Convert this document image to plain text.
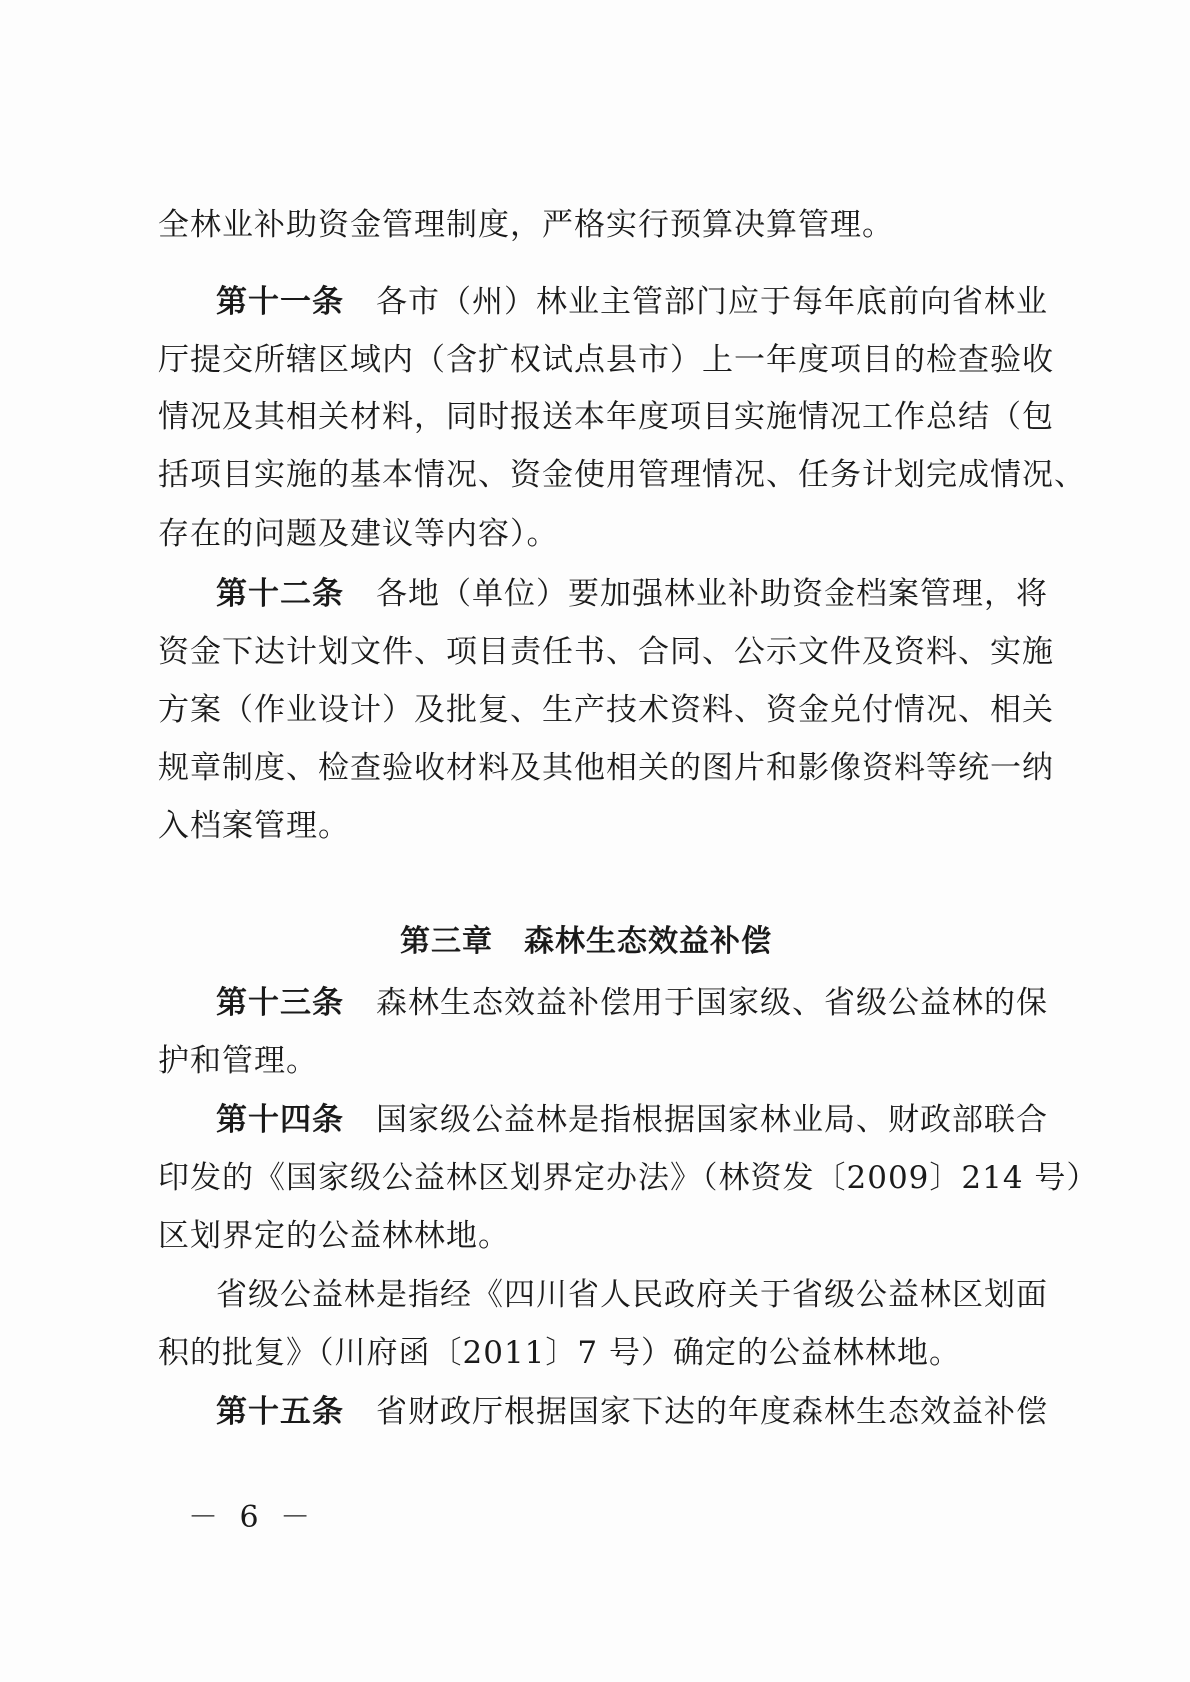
全林业补助资金管理制度，严格实行预算决算管理。
第十一条　 各市（州）林业主管部门应于每年底前向省林业
厅提交所辖区域内（含扩权试点县市）上一年度项目的检查验收
情况及其相关材料，同时报送本年度项目实施情况工作总结（包
括项目实施的基本情况、资金使用管理情况、任务计划完成情况、
存在的问题及建议等内容）。
第十二条　 各地（单位）要加强林业补助资金档案管理，将
资金下达计划文件、项目责任书、合同、公示文件及资料、实施
方案（作业设计）及批复、生产技术资料、资金兑付情况、相关
规章制度、检查验收材料及其他相关的图片和影像资料等统一纳
入档案管理。
第三章　森林生态效益补偿
第十三条　 森林生态效益补偿用于国家级、省级公益林的保
护和管理。
第十四条　 国家级公益林是指根据国家林业局、财政部联合
印发的《国家级公益林区划界定办法》（林资发〔2009〕214 号）
区划界定的公益林林地。
省级公益林是指经《四川省人民政府关于省级公益林区划面
积的批复》（川府函〔2011〕7 号）确定的公益林林地。
第十五条　 省财政厅根据国家下达的年度森林生态效益补偿
－ 6 －
